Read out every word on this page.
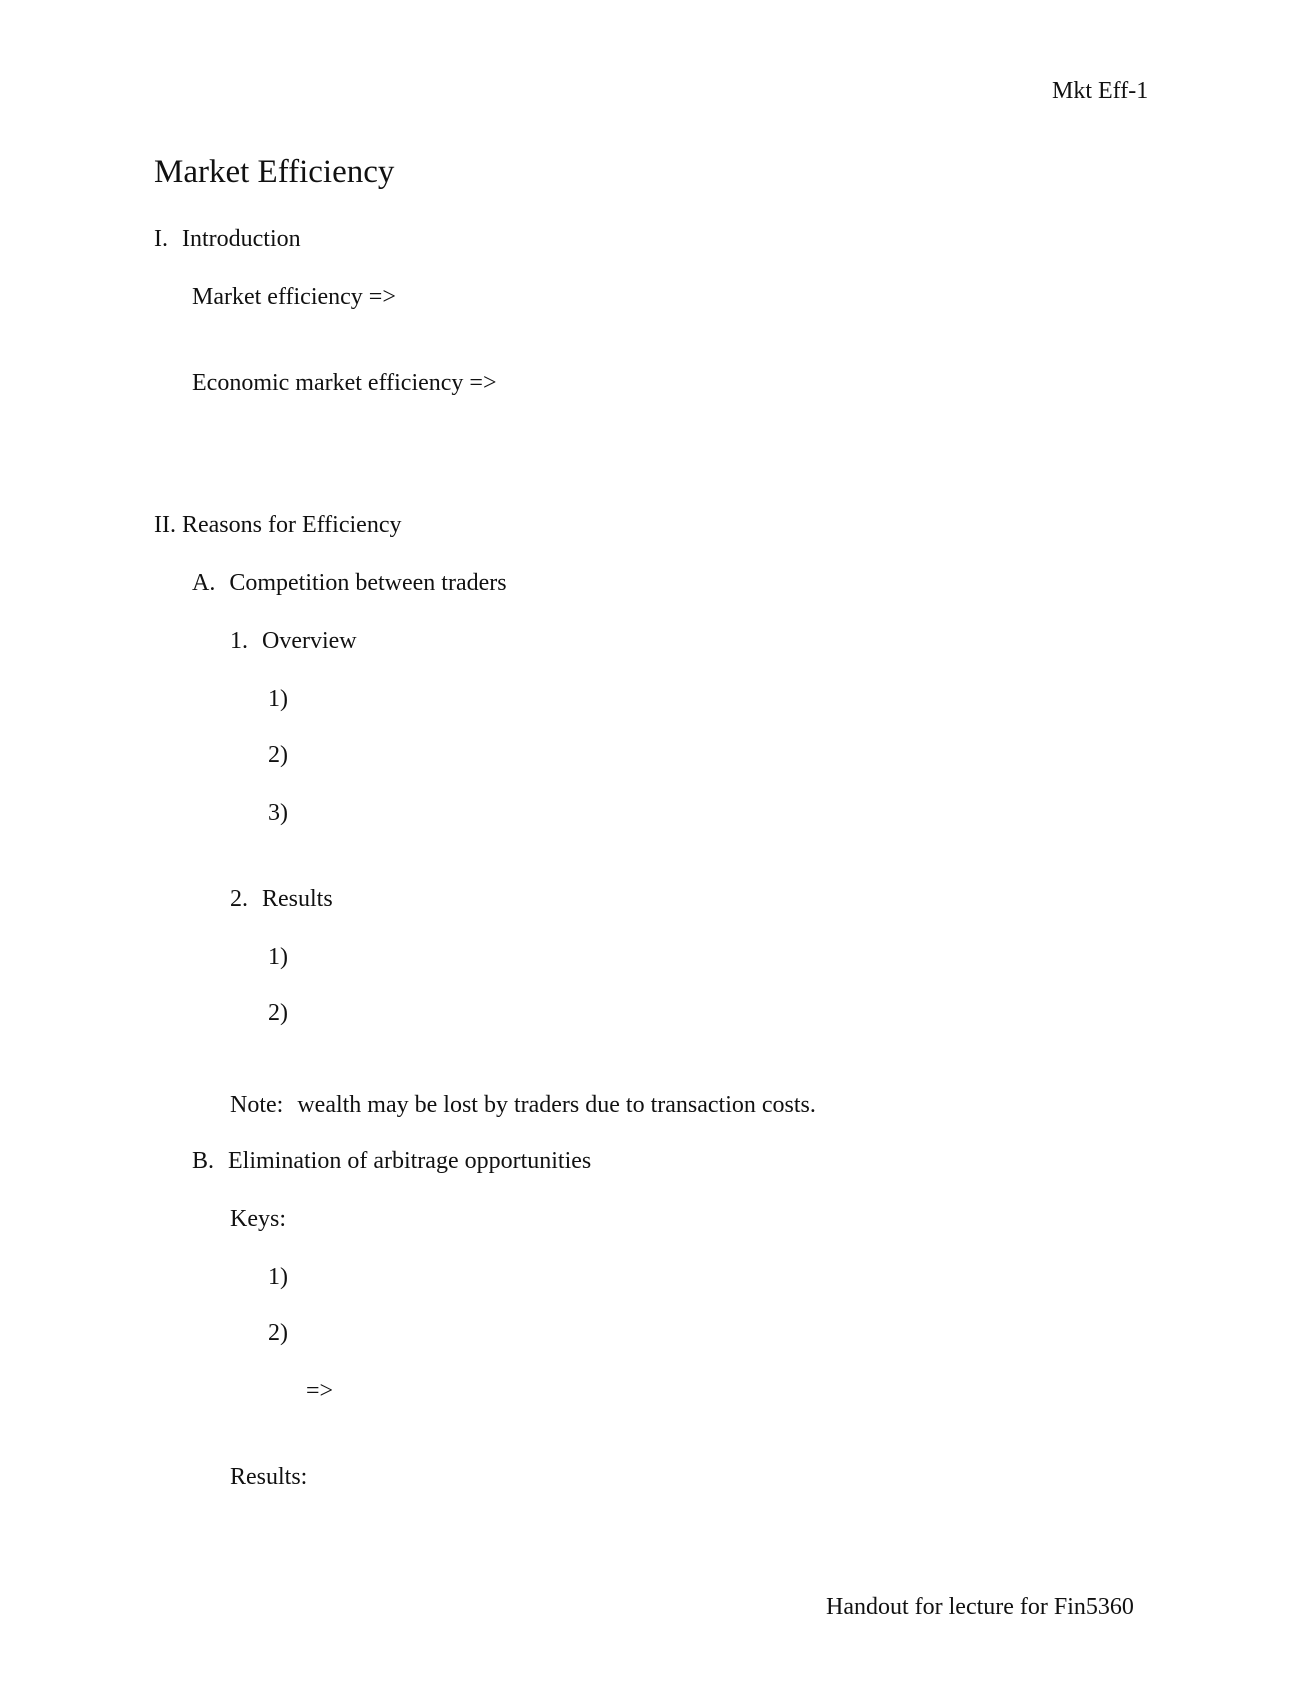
Mkt Eff-1
Market Efficiency
I. Introduction
Market efficiency =>
Economic market efficiency =>
II. Reasons for Efficiency
A. Competition between traders
1. Overview
1)
2)
3)
2. Results
1)
2)
Note: wealth may be lost by traders due to transaction costs.
B. Elimination of arbitrage opportunities
Keys:
1)
2)
=>
Results:
Handout for lecture for Fin5360
